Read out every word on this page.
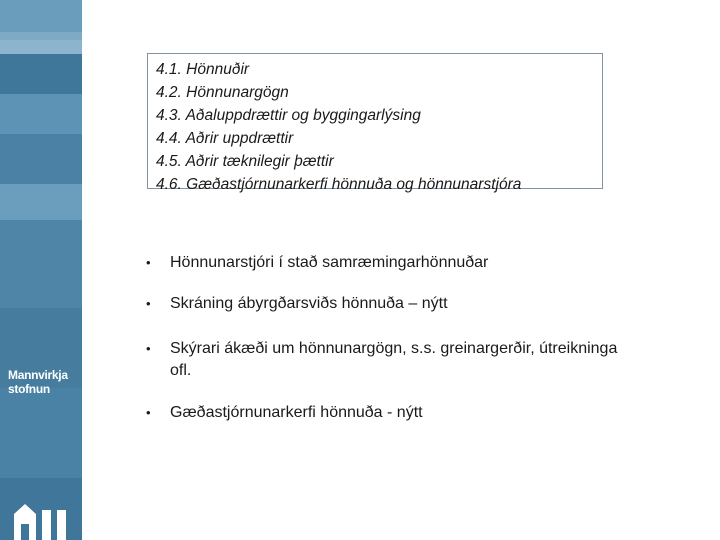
Mannvirkja
stofnun
4.1. Hönnuðir
4.2. Hönnunargögn
4.3. Aðaluppdrættir og byggingarlýsing
4.4. Aðrir uppdrættir
4.5. Aðrir tæknilegir þættir
4.6. Gæðastjórnunarkerfi hönnuða og hönnunarstjóra
•	Hönnunarstjóri í stað samræmingarhönnuðar
•	Skráning ábyrgðarsviðs hönnuða – nýtt
•	Skýrari ákæði um hönnunargögn, s.s. greinargerðir, útreikninga ofl.
•	Gæðastjórnunarkerfi hönnuða - nýtt
